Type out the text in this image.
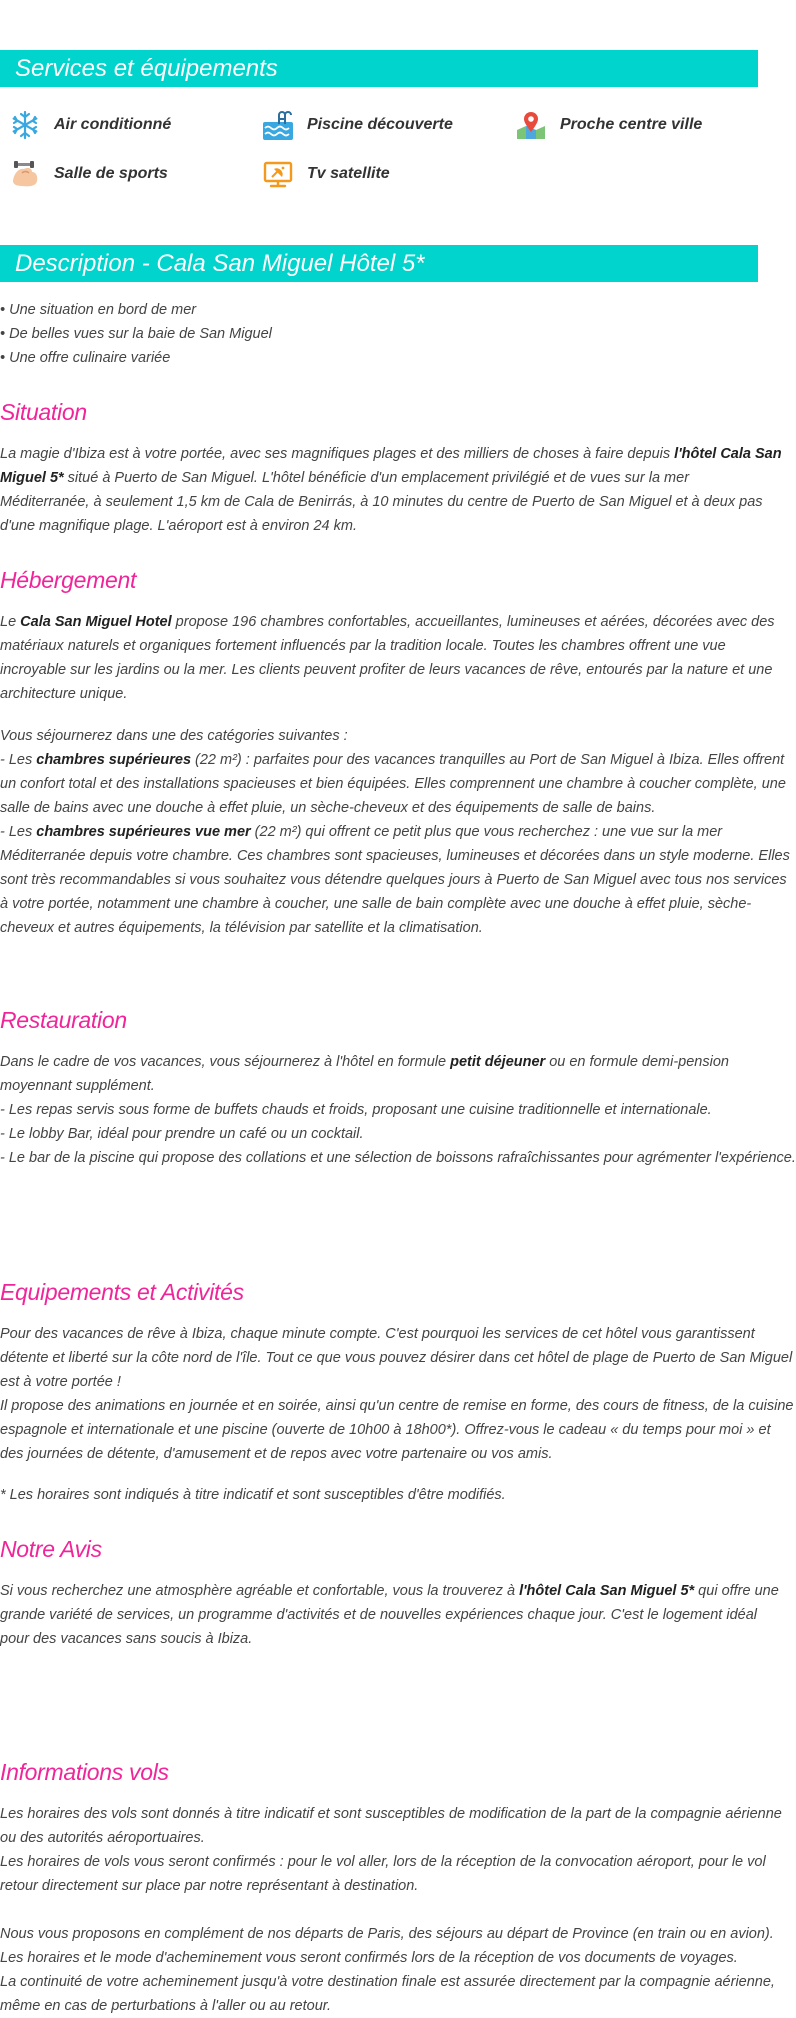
Services et équipements
Air conditionné	Piscine découverte	Proche centre ville
Salle de sports	Tv satellite
Description - Cala San Miguel Hôtel 5*
• Une situation en bord de mer
• De belles vues sur la baie de San Miguel
• Une offre culinaire variée
Situation
La magie d'Ibiza est à votre portée, avec ses magnifiques plages et des milliers de choses à faire depuis l'hôtel Cala San
Miguel 5* situé à Puerto de San Miguel. L'hôtel bénéficie d'un emplacement privilégié et de vues sur la mer
Méditerranée, à seulement 1,5 km de Cala de Benirrás, à 10 minutes du centre de Puerto de San Miguel et à deux pas
d'une magnifique plage. L'aéroport est à environ 24 km.
Hébergement
Le Cala San Miguel Hotel propose 196 chambres confortables, accueillantes, lumineuses et aérées, décorées avec des
matériaux naturels et organiques fortement influencés par la tradition locale. Toutes les chambres offrent une vue
incroyable sur les jardins ou la mer. Les clients peuvent profiter de leurs vacances de rêve, entourés par la nature et une
architecture unique.
Vous séjournerez dans une des catégories suivantes :
- Les chambres supérieures (22 m²) : parfaites pour des vacances tranquilles au Port de San Miguel à Ibiza. Elles offrent
un confort total et des installations spacieuses et bien équipées. Elles comprennent une chambre à coucher complète, une
salle de bains avec une douche à effet pluie, un sèche-cheveux et des équipements de salle de bains.
- Les chambres supérieures vue mer (22 m²) qui offrent ce petit plus que vous recherchez : une vue sur la mer
Méditerranée depuis votre chambre. Ces chambres sont spacieuses, lumineuses et décorées dans un style moderne. Elles
sont très recommandables si vous souhaitez vous détendre quelques jours à Puerto de San Miguel avec tous nos services
à votre portée, notamment une chambre à coucher, une salle de bain complète avec une douche à effet pluie, sèche-
cheveux et autres équipements, la télévision par satellite et la climatisation.
Restauration
Dans le cadre de vos vacances, vous séjournerez à l'hôtel en formule petit déjeuner ou en formule demi-pension
moyennant supplément.
- Les repas servis sous forme de buffets chauds et froids, proposant une cuisine traditionnelle et internationale.
- Le lobby Bar, idéal pour prendre un café ou un cocktail.
- Le bar de la piscine qui propose des collations et une sélection de boissons rafraîchissantes pour agrémenter l'expérience.
Equipements et Activités
Pour des vacances de rêve à Ibiza, chaque minute compte. C'est pourquoi les services de cet hôtel vous garantissent
détente et liberté sur la côte nord de l'île. Tout ce que vous pouvez désirer dans cet hôtel de plage de Puerto de San Miguel
est à votre portée !
Il propose des animations en journée et en soirée, ainsi qu'un centre de remise en forme, des cours de fitness, de la cuisine
espagnole et internationale et une piscine (ouverte de 10h00 à 18h00*). Offrez-vous le cadeau « du temps pour moi » et
des journées de détente, d'amusement et de repos avec votre partenaire ou vos amis.
* Les horaires sont indiqués à titre indicatif et sont susceptibles d'être modifiés.
Notre Avis
Si vous recherchez une atmosphère agréable et confortable, vous la trouverez à l'hôtel Cala San Miguel 5* qui offre une
grande variété de services, un programme d'activités et de nouvelles expériences chaque jour. C'est le logement idéal
pour des vacances sans soucis à Ibiza.
Informations vols
Les horaires des vols sont donnés à titre indicatif et sont susceptibles de modification de la part de la compagnie aérienne
ou des autorités aéroportuaires.
Les horaires de vols vous seront confirmés : pour le vol aller, lors de la réception de la convocation aéroport, pour le vol
retour directement sur place par notre représentant à destination.
Nous vous proposons en complément de nos départs de Paris, des séjours au départ de Province (en train ou en avion).
Les horaires et le mode d'acheminement vous seront confirmés lors de la réception de vos documents de voyages.
La continuité de votre acheminement jusqu'à votre destination finale est assurée directement par la compagnie aérienne,
même en cas de perturbations à l'aller ou au retour.
